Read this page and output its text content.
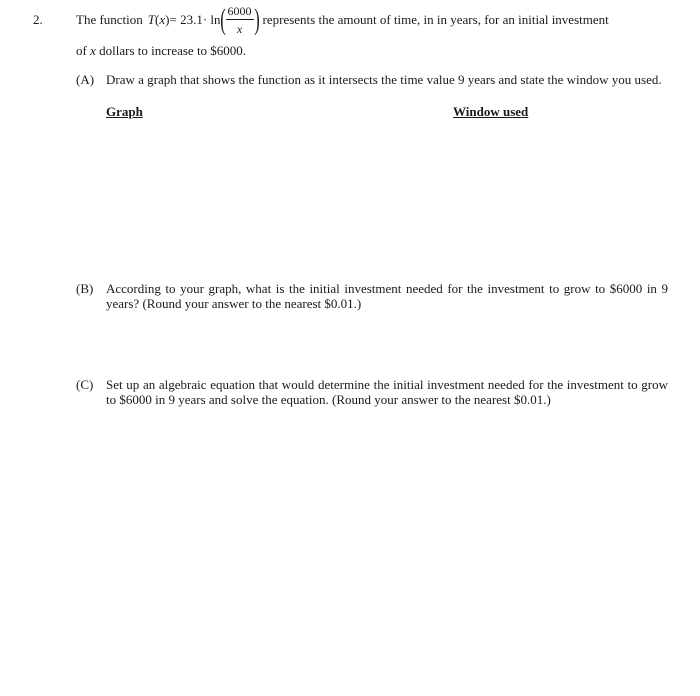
2.	The function T ( x ) = 23.1· ln ( $\frac{6000}{x}$ ) represents the amount of time, in in years, for an initial investment
of x dollars to increase to $6000.
(A) Draw a graph that shows the function as it intersects the time value 9 years and state the window you used.
Graph	Window used
(B) According to your graph, what is the initial investment needed for the investment to grow to $6000 in 9 years? (Round your answer to the nearest $0.01.)
(C) Set up an algebraic equation that would determine the initial investment needed for the investment to grow to $6000 in 9 years and solve the equation. (Round your answer to the nearest $0.01.)
